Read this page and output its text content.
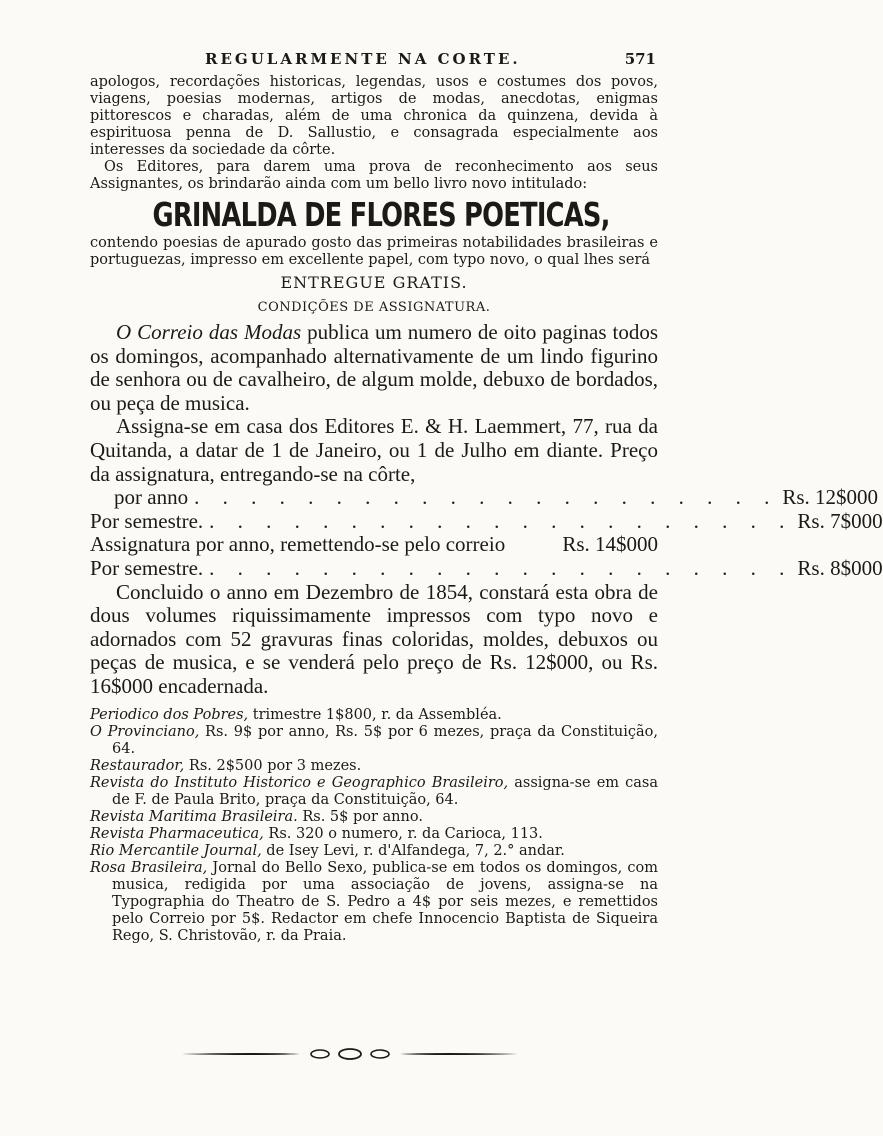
REGULARMENTE NA CORTE.	571

apologos, recordações historicas, legendas, usos e costumes dos povos, viagens, poesias modernas, artigos de modas, anecdotas, enigmas pittorescos e charadas, além de uma chronica da quinzena, devida à espirituosa penna de D. Sallustio, e consagrada especialmente aos interesses da sociedade da côrte.

Os Editores, para darem uma prova de reconhecimento aos seus Assignantes, os brindarão ainda com um bello livro novo intitulado:

GRINALDA DE FLORES POETICAS,

contendo poesias de apurado gosto das primeiras notabilidades brasileiras e portuguezas, impresso em excellente papel, com typo novo, o qual lhes será

ENTREGUE GRATIS.
CONDIÇÕES DE ASSIGNATURA.

O Correio das Modas publica um numero de oito paginas todos os domingos, acompanhado alternativamente de um lindo figurino de senhora ou de cavalheiro, de algum molde, debuxo de bordados, ou peça de musica.

Assigna-se em casa dos Editores E. & H. Laemmert, 77, rua da Quitanda, a datar de 1 de Janeiro, ou 1 de Julho em diante. Preço da assignatura, entregando-se na côrte,

por anno . . . . . . . . . . . . . . . . . . . . . Rs. 12$000
Por semestre. . . . . . . . . . . . . . . . . . . . . . Rs. 7$000
Assignatura por anno, remettendo-se pelo correio	Rs. 14$000
Por semestre. . . . . . . . . . . . . . . . . . . . . . Rs. 8$000

Concluido o anno em Dezembro de 1854, constará esta obra de dous volumes riquissimamente impressos com typo novo e adornados com 52 gravuras finas coloridas, moldes, debuxos ou peças de musica, e se venderá pelo preço de Rs. 12$000, ou Rs. 16$000 encadernada.

Periodico dos Pobres, trimestre 1$800, r. da Assembléa.

O Provinciano, Rs. 9$ por anno, Rs. 5$ por 6 mezes, praça da Constituição, 64.

Restaurador, Rs. 2$500 por 3 mezes.

Revista do Instituto Historico e Geographico Brasileiro, assigna-se em casa de F. de Paula Brito, praça da Constituição, 64.

Revista Maritima Brasileira. Rs. 5$ por anno.

Revista Pharmaceutica, Rs. 320 o numero, r. da Carioca, 113.

Rio Mercantile Journal, de Isey Levi, r. d'Alfandega, 7, 2.° andar.

Rosa Brasileira, Jornal do Bello Sexo, publica-se em todos os domingos, com musica, redigida por uma associação de jovens, assigna-se na Typographia do Theatro de S. Pedro a 4$ por seis mezes, e remettidos pelo Correio por 5$. Redactor em chefe Innocencio Baptista de Siqueira Rego, S. Christovão, r. da Praia.
